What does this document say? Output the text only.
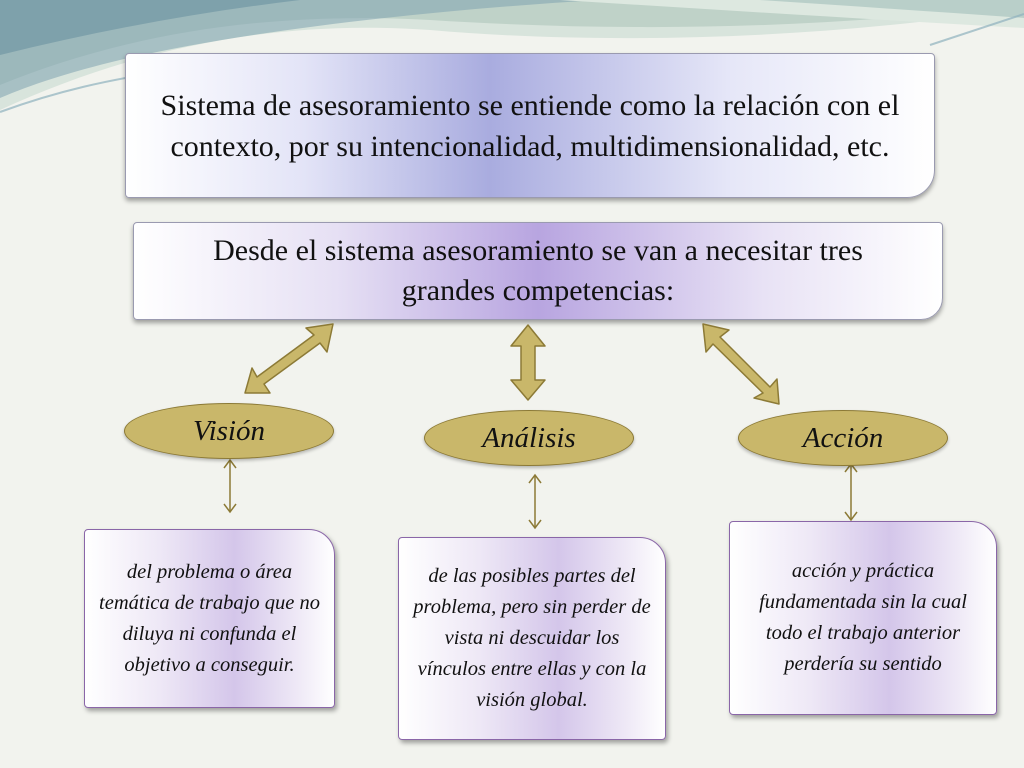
Sistema de asesoramiento se entiende como la relación con el contexto, por su intencionalidad, multidimensionalidad, etc.
Desde el sistema asesoramiento se van a necesitar tres grandes competencias:
Visión	Análisis	Acción
del problema o área temática de trabajo que no diluya ni confunda el objetivo a conseguir.
de las posibles partes del problema, pero sin perder de vista ni descuidar los vínculos entre ellas y con la visión global.
acción y práctica fundamentada sin la cual todo el trabajo anterior perdería su sentido
